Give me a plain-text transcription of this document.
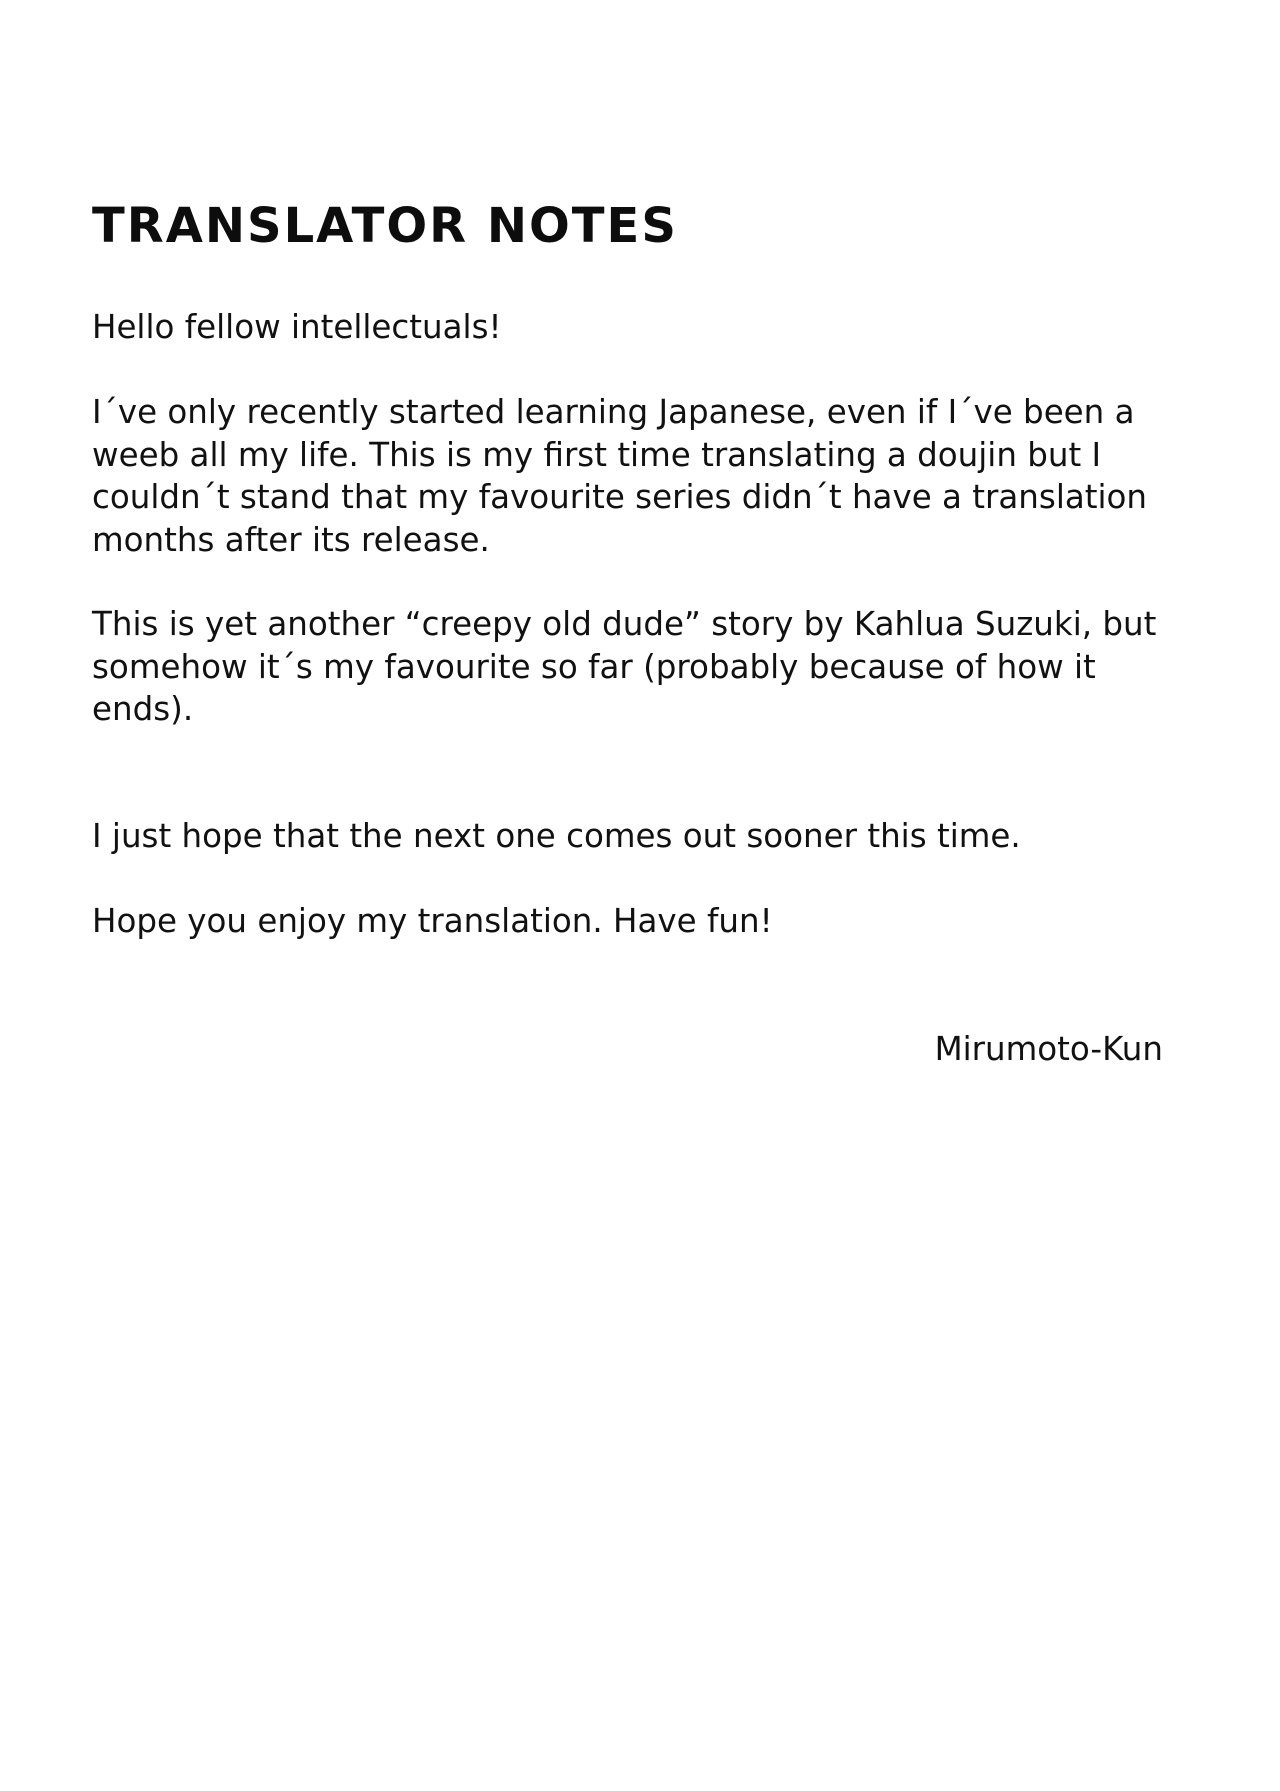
TRANSLATOR NOTES

Hello fellow intellectuals!

I´ve only recently started learning Japanese, even if I´ve been a weeb all my life. This is my first time translating a doujin but I couldn´t stand that my favourite series didn´t have a translation months after its release.

This is yet another “creepy old dude” story by Kahlua Suzuki, but somehow it´s my favourite so far (probably because of how it ends).

I just hope that the next one comes out sooner this time.

Hope you enjoy my translation. Have fun!

Mirumoto-Kun
